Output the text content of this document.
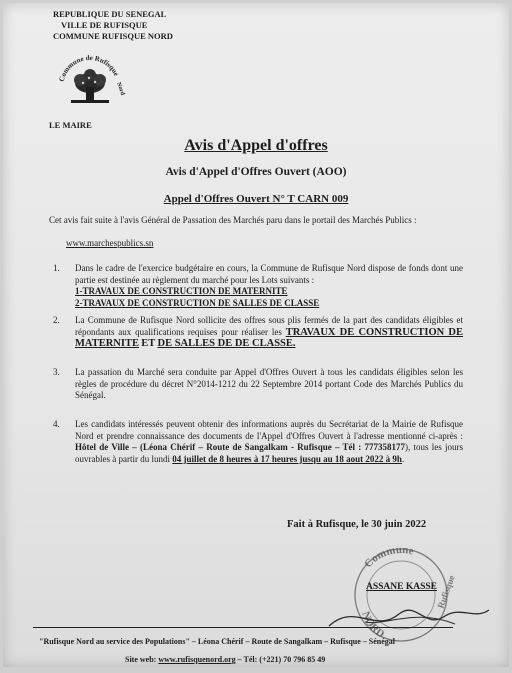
REPUBLIQUE DU SENEGAL
VILLE DE RUFISQUE
COMMUNE RUFISQUE NORD
Commune de Rufisque
Nord
LE MAIRE
Avis d'Appel d'offres
Avis d'Appel d'Offres Ouvert (AOO)
Appel d'Offres Ouvert N° T CARN 009
Cet avis fait suite à l'avis Général de Passation des Marchés paru dans le portail des Marchés Publics :
www.marchespublics.sn
1. Dans le cadre de l'exercice budgétaire en cours, la Commune de Rufisque Nord dispose de fonds dont une partie est destinée au règlement du marché pour les Lots suivants :
1-TRAVAUX DE CONSTRUCTION DE MATERNITE
2-TRAVAUX DE CONSTRUCTION DE SALLES DE CLASSE
2. La Commune de Rufisque Nord sollicite des offres sous plis fermés de la part des candidats éligibles et répondants aux qualifications requises pour réaliser les TRAVAUX DE CONSTRUCTION DE MATERNITE ET DE SALLES DE DE CLASSE.
3. La passation du Marché sera conduite par Appel d'Offres Ouvert à tous les candidats éligibles selon les règles de procédure du décret N°2014-1212 du 22 Septembre 2014 portant Code des Marchés Publics du Sénégal.
4. Les candidats intéressés peuvent obtenir des informations auprès du Secrétariat de la Mairie de Rufisque Nord et prendre connaissance des documents de l'Appel d'Offres Ouvert à l'adresse mentionné ci-après : Hôtel de Ville – (Léona Chérif – Route de Sangalkam - Rufisque – Tél : 777358177), tous les jours ouvrables à partir du lundi 04 juillet de 8 heures à 17 heures jusqu au 18 aout 2022 à 9h.
Fait à Rufisque, le 30 juin 2022
Commune
NORD
Rufisque
ASSANE KASSE
"Rufisque Nord au service des Populations" – Léona Chérif – Route de Sangalkam – Rufisque – Sénégal
Site web: www.rufisquenord.org – Tél: (+221) 70 796 85 49
